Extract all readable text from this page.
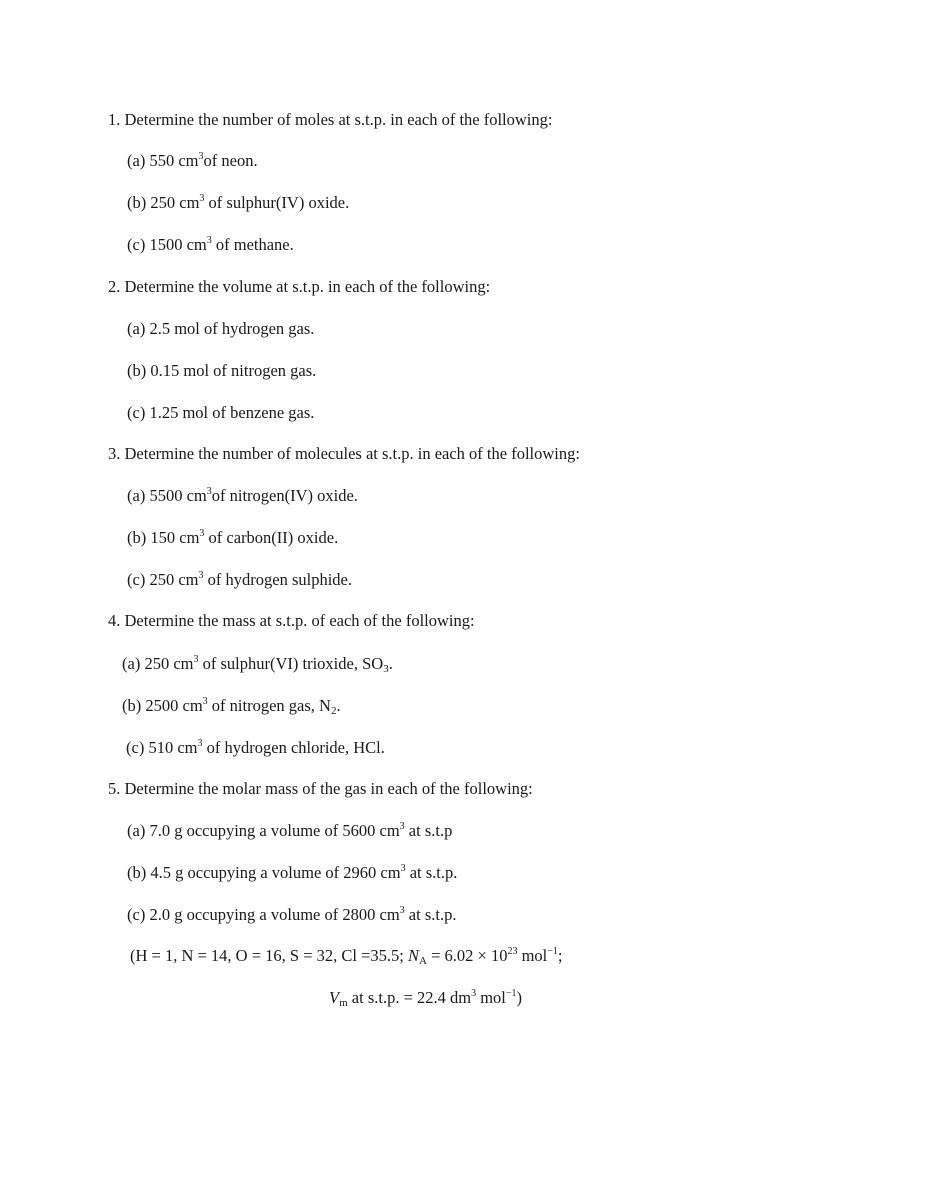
1. Determine the number of moles at s.t.p. in each of the following:
(a) 550 $cm^3of$ neon.
(b) 250 $cm^3$ of sulphur(IV) oxide.
(c) 1500 $cm^3$ of methane.
2. Determine the volume at s.t.p. in each of the following:
(a) 2.5 mol of hydrogen gas.
(b) 0.15 mol of nitrogen gas.
(c) 1.25 mol of benzene gas.
3. Determine the number of molecules at s.t.p. in each of the following:
(a) 5500 $cm^3of$ nitrogen(IV) oxide.
(b) 150 $cm^3$ of carbon(II) oxide.
(c) 250 $cm^3$ of hydrogen sulphide.
4. Determine the mass at s.t.p. of each of the following:
(a) 250 $cm^3$ of sulphur(VI) trioxide, $SO_3$.
(b) 2500 $cm^3$ of nitrogen gas, $N_2$.
(c) 510 $cm^3$ of hydrogen chloride, HCl.
5. Determine the molar mass of the gas in each of the following:
(a) 7.0 g occupying a volume of 5600 $cm^3$ at s.t.p
(b) 4.5 g occupying a volume of 2960 $cm^3$ at s.t.p.
(c) 2.0 g occupying a volume of 2800 $cm^3$ at s.t.p.
(H = 1, N = 14, O = 16, S = 32, Cl =35.5; $N_A = 6.02 \times 10^{23}$ mol$^{-1}$;
$V_m$ at s.t.p. = 22.4 $dm^3$ mol$^{-1}$)
